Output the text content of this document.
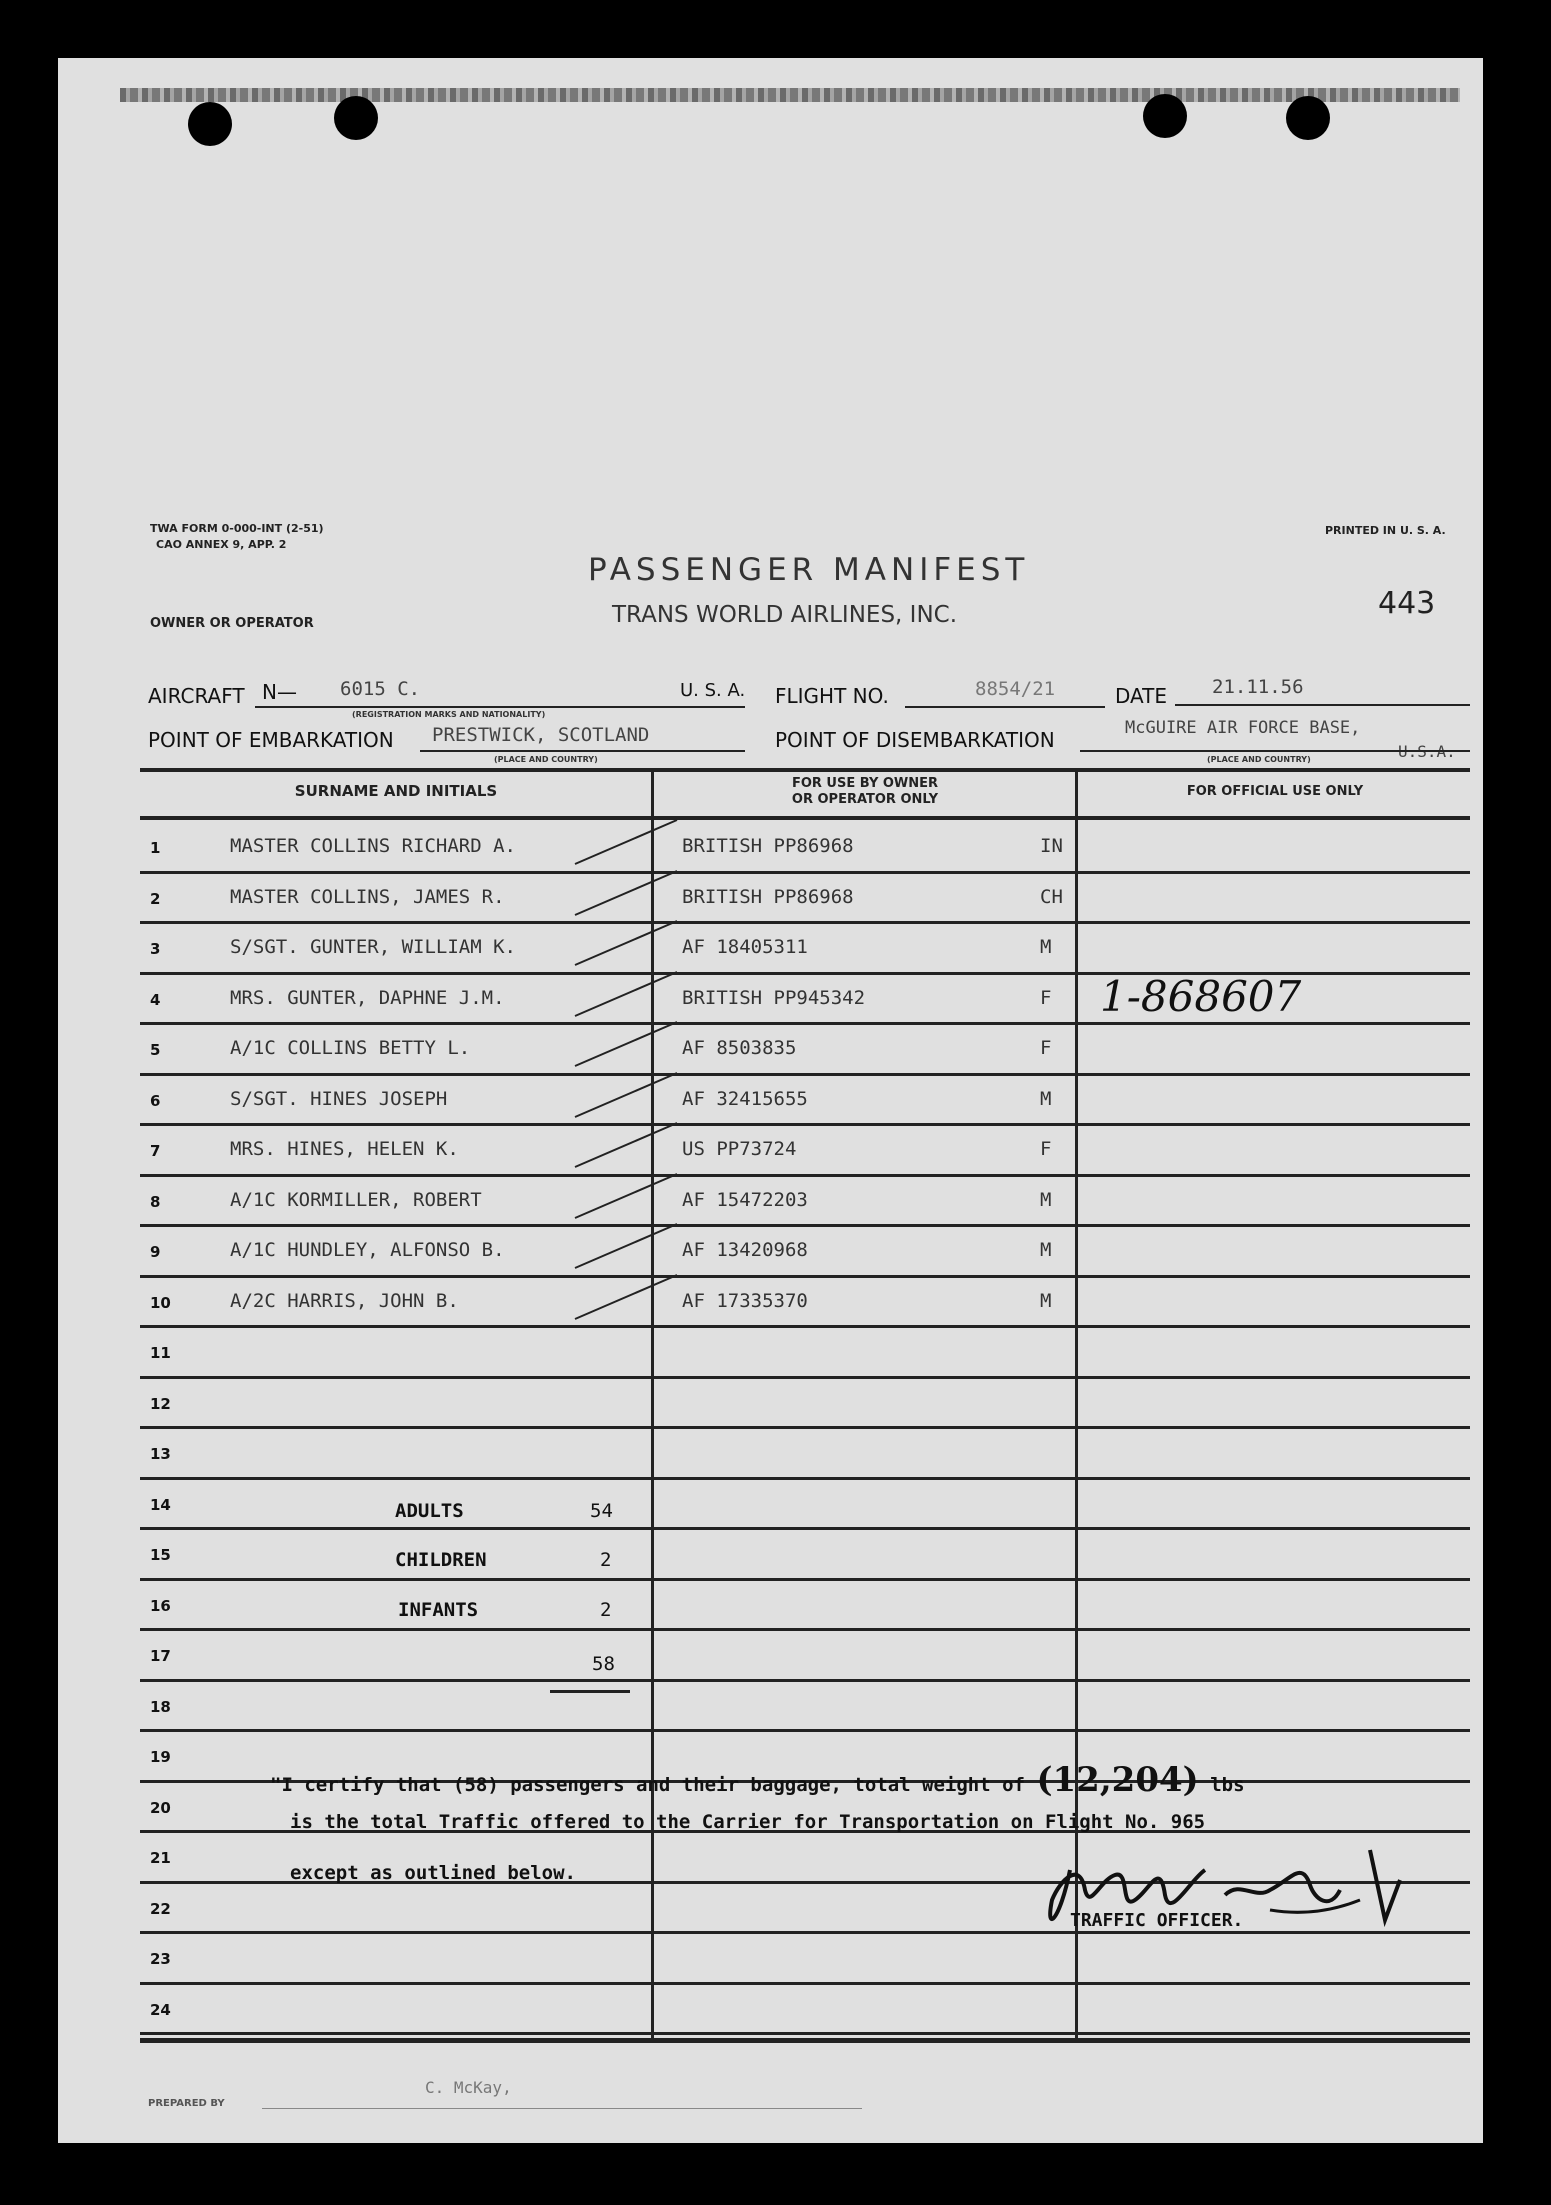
TWA FORM 0-000-INT (2-51)
CAO ANNEX 9, APP. 2
PRINTED IN U. S. A.
OWNER OR OPERATOR
PASSENGER MANIFEST
TRANS WORLD AIRLINES, INC.	443
AIRCRAFT N— 6015 C.	U. S. A.
(REGISTRATION MARKS AND NATIONALITY)
FLIGHT NO.	8854/21	DATE 21.11.56
POINT OF EMBARKATION PRESTWICK, SCOTLAND
(PLACE AND COUNTRY)
POINT OF DISEMBARKATION	McGUIRE AIR FORCE BASE,
(PLACE AND COUNTRY)
SURNAME AND INITIALS	FOR USE BY OWNER
OR OPERATOR ONLY
FOR OFFICIAL USE ONLY
1	MASTER COLLINS RICHARD A.	BRITISH PP86968	IN
2	MASTER COLLINS, JAMES R.	BRITISH PP86968	CH
3	S/SGT. GUNTER, WILLIAM K.	AF 18405311	M
4	MRS. GUNTER, DAPHNE J.M.	BRITISH PP945342	F 1-868607
5	A/1C COLLINS BETTY L.	AF 8503835	F
6	S/SGT. HINES JOSEPH	AF 32415655	M
7	MRS. HINES, HELEN K.	US PP73724	F
8	A/1C KORMILLER, ROBERT	AF 15472203	M
9	A/1C HUNDLEY, ALFONSO B.	AF 13420968	M
10	A/2C HARRIS, JOHN B.	AF 17335370	M
11
12
13
14
15
16
17
18
19
20
21
22
23
24
ADULTS	54
CHILDREN	2
INFANTS	2
58
"I certify that (58) passengers and their baggage, total weight of (12,204) lbs
is the total Traffic offered to the Carrier for Transportation on Flight No. 965
except as outlined below.
TRAFFIC OFFICER.
PREPARED BY
C. McKay,
